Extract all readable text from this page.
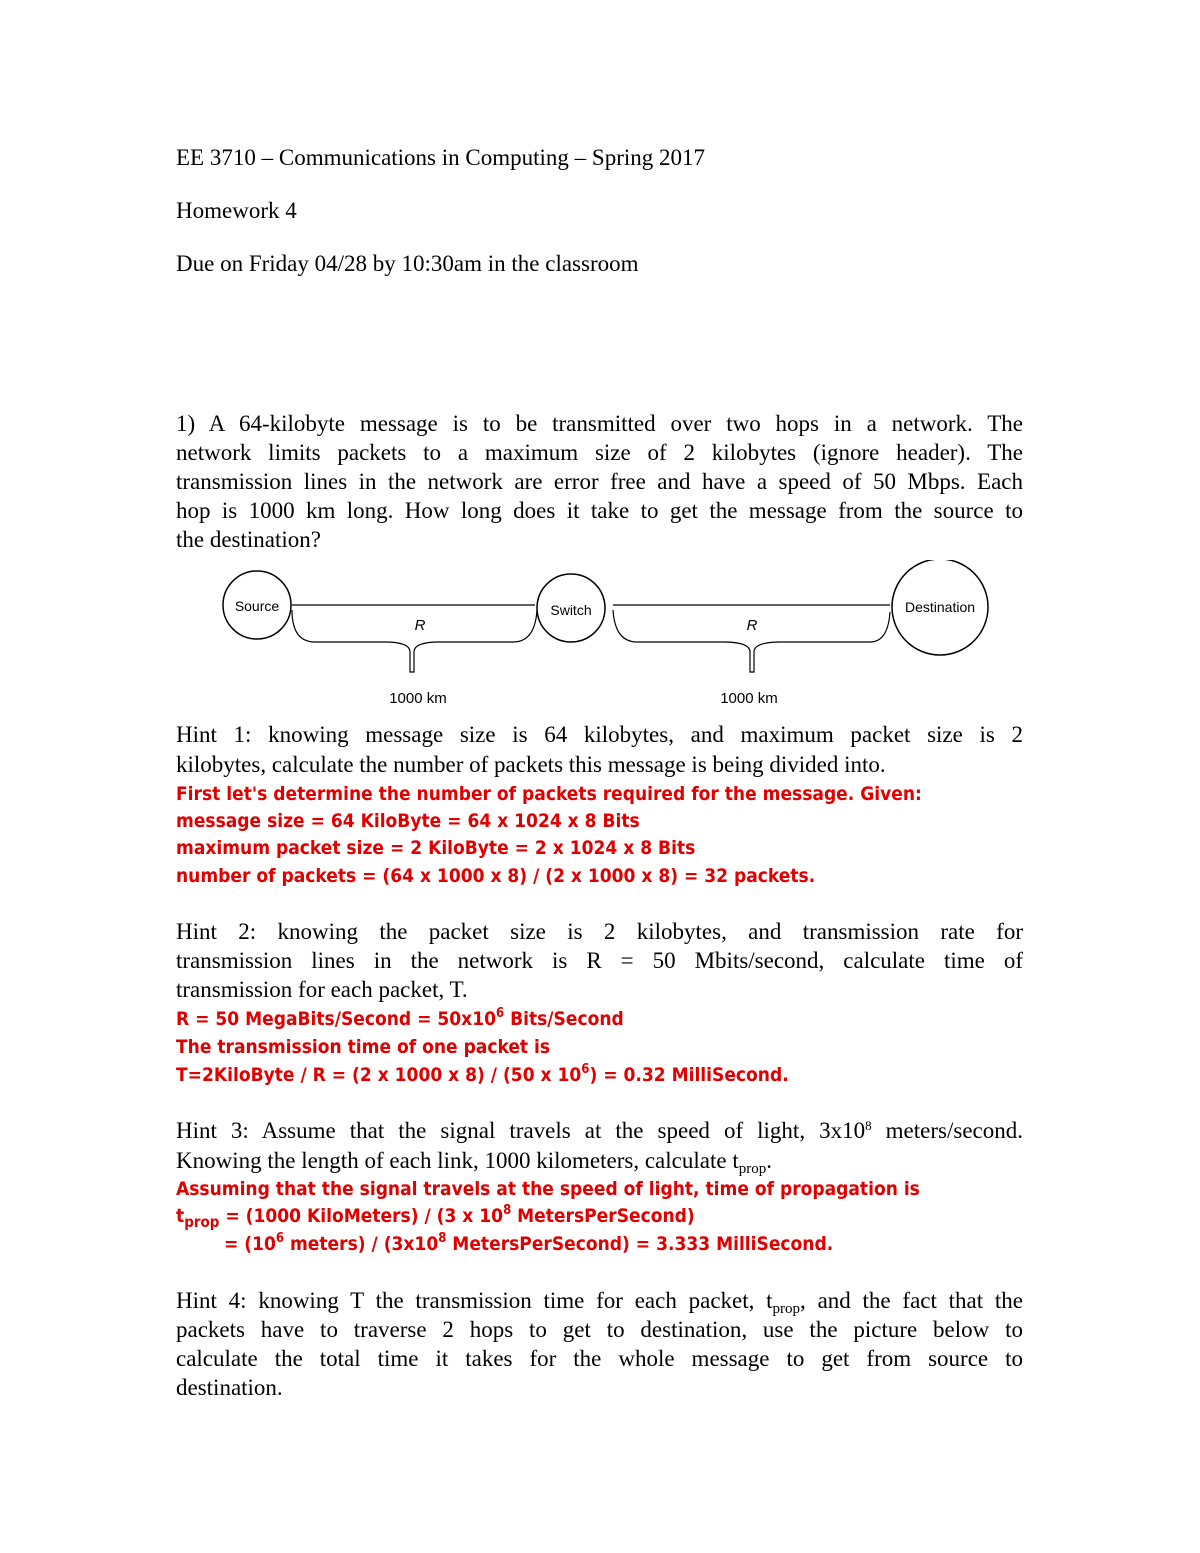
EE 3710 – Communications in Computing – Spring 2017
Homework 4
Due on Friday 04/28 by 10:30am in the classroom
1) A 64-kilobyte message is to be transmitted over two hops in a network. The
network limits packets to a maximum size of 2 kilobytes (ignore header). The
transmission lines in the network are error free and have a speed of 50 Mbps. Each
hop is 1000 km long. How long does it take to get the message from the source to
the destination?
Source	Switch	Destination
R	R
1000 km	1000 km
Hint 1: knowing message size is 64 kilobytes, and maximum packet size is 2
kilobytes, calculate the number of packets this message is being divided into.
First let's determine the number of packets required for the message. Given:
message size = 64 KiloByte = 64 x 1024 x 8 Bits
maximum packet size = 2 KiloByte = 2 x 1024 x 8 Bits
number of packets = (64 x 1000 x 8) / (2 x 1000 x 8) = 32 packets.
Hint 2: knowing the packet size is 2 kilobytes, and transmission rate for
transmission lines in the network is R = 50 Mbits/second, calculate time of
transmission for each packet, T.
R = 50 MegaBits/Second = $50x10^6$ Bits/Second
The transmission time of one packet is
T=2KiloByte / R = (2 x 1000 x 8) / (50 x $10^6) = 0.32$ MilliSecond.
Hint 3: Assume that the signal travels at the speed of light, $3x10^8$ meters/second.
Knowing the length of each link, 1000 kilometers, calculate $t_{prop}$.
Assuming that the signal travels at the speed of light, time of propagation is
$t_{prop} = (1000$ KiloMeters) / (3 x $10^8$ MetersPerSecond)
= ($10^6$ meters) / ($3x10^8$ MetersPerSecond) = 3.333 MilliSecond.
Hint 4: knowing T the transmission time for each packet, $t_{prop}$, and the fact that the
packets have to traverse 2 hops to get to destination, use the picture below to
calculate the total time it takes for the whole message to get from source to
destination.
